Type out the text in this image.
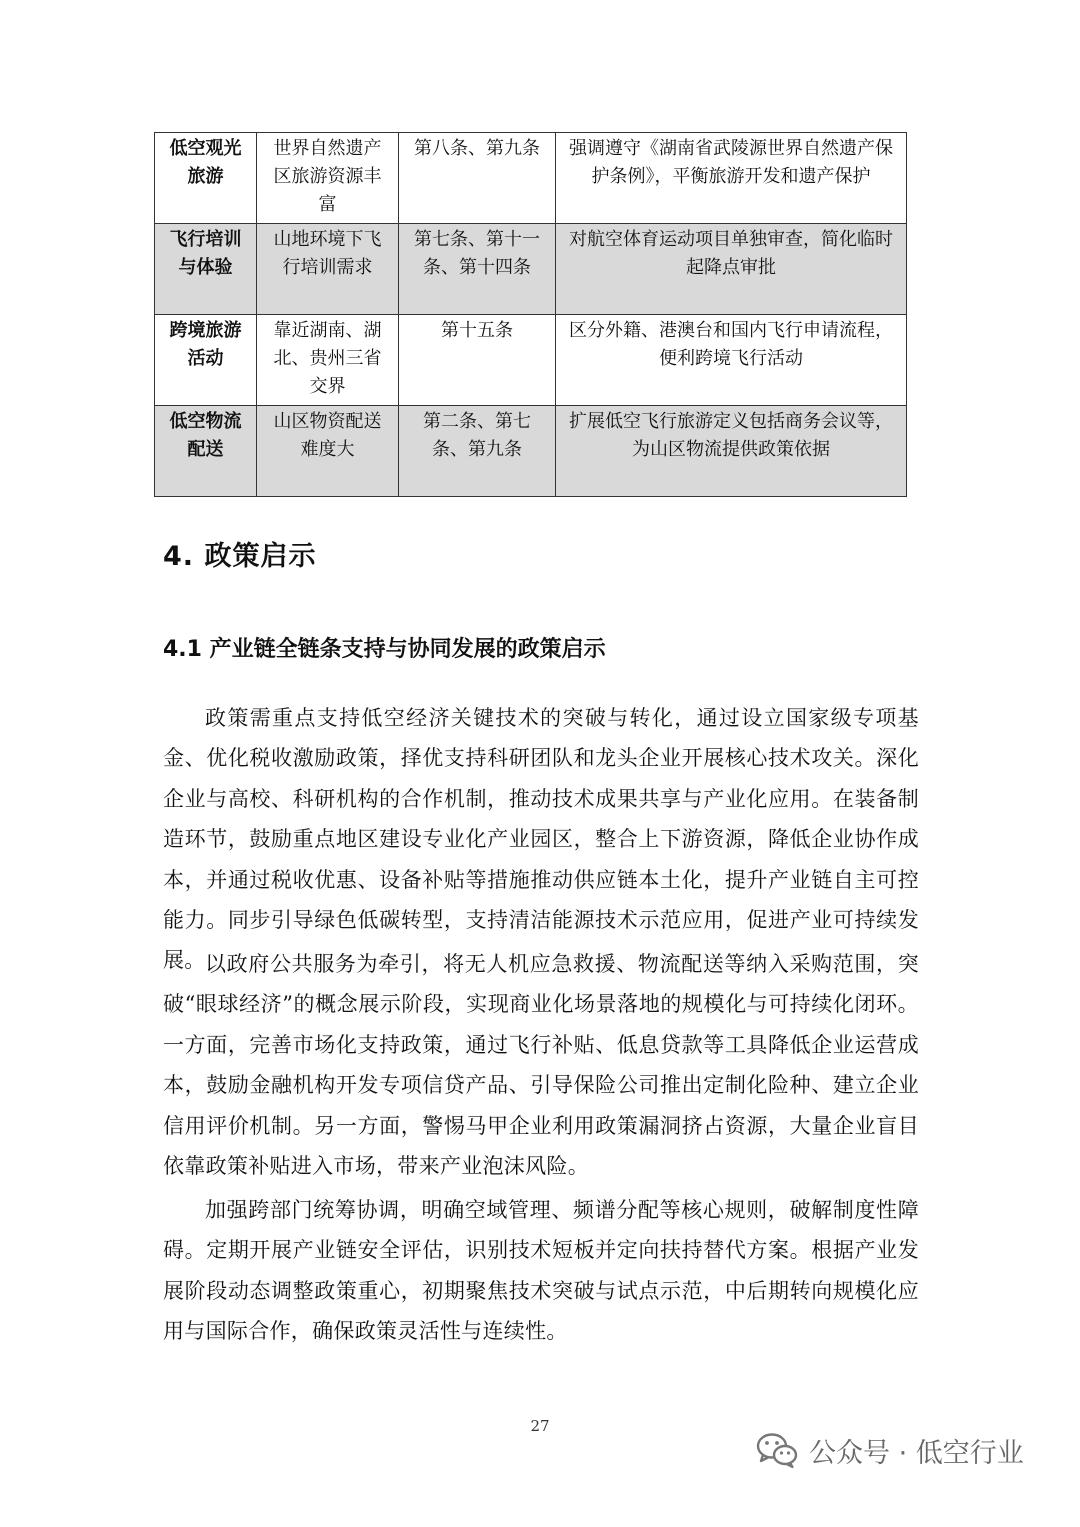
低空观光旅游	世界自然遗产区旅游资源丰富	第八条、第九条	强调遵守《湖南省武陵源世界自然遗产保护条例》，平衡旅游开发和遗产保护
飞行培训与体验	山地环境下飞行培训需求	第七条、第十一条、第十四条	对航空体育运动项目单独审查，简化临时起降点审批
跨境旅游活动	靠近湖南、湖北、贵州三省交界	第十五条	区分外籍、港澳台和国内飞行申请流程，便利跨境飞行活动
低空物流配送	山区物资配送难度大	第二条、第七条、第九条	扩展低空飞行旅游定义包括商务会议等，为山区物流提供政策依据
4. 政策启示
4.1 产业链全链条支持与协同发展的政策启示

政策需重点支持低空经济关键技术的突破与转化，通过设立国家级专项基金、优化税收激励政策，择优支持科研团队和龙头企业开展核心技术攻关。深化企业与高校、科研机构的合作机制，推动技术成果共享与产业化应用。在装备制造环节，鼓励重点地区建设专业化产业园区，整合上下游资源，降低企业协作成本，并通过税收优惠、设备补贴等措施推动供应链本土化，提升产业链自主可控能力。同步引导绿色低碳转型，支持清洁能源技术示范应用，促进产业可持续发展。 以政府公共服务为牵引，将无人机应急救援、物流配送等纳入采购范围，突破“眼球经济”的概念展示阶段，实现商业化场景落地的规模化与可持续化闭环。一方面，完善市场化支持政策，通过飞行补贴、低息贷款等工具降低企业运营成本，鼓励金融机构开发专项信贷产品、引导保险公司推出定制化险种、建立企业信用评价机制。另一方面，警惕马甲企业利用政策漏洞挤占资源，大量企业盲目依靠政策补贴进入市场，带来产业泡沫风险。

加强跨部门统筹协调，明确空域管理、频谱分配等核心规则，破解制度性障碍。定期开展产业链安全评估，识别技术短板并定向扶持替代方案。根据产业发展阶段动态调整政策重心，初期聚焦技术突破与试点示范，中后期转向规模化应用与国际合作，确保政策灵活性与连续性。

27
公众号 · 低空行业
